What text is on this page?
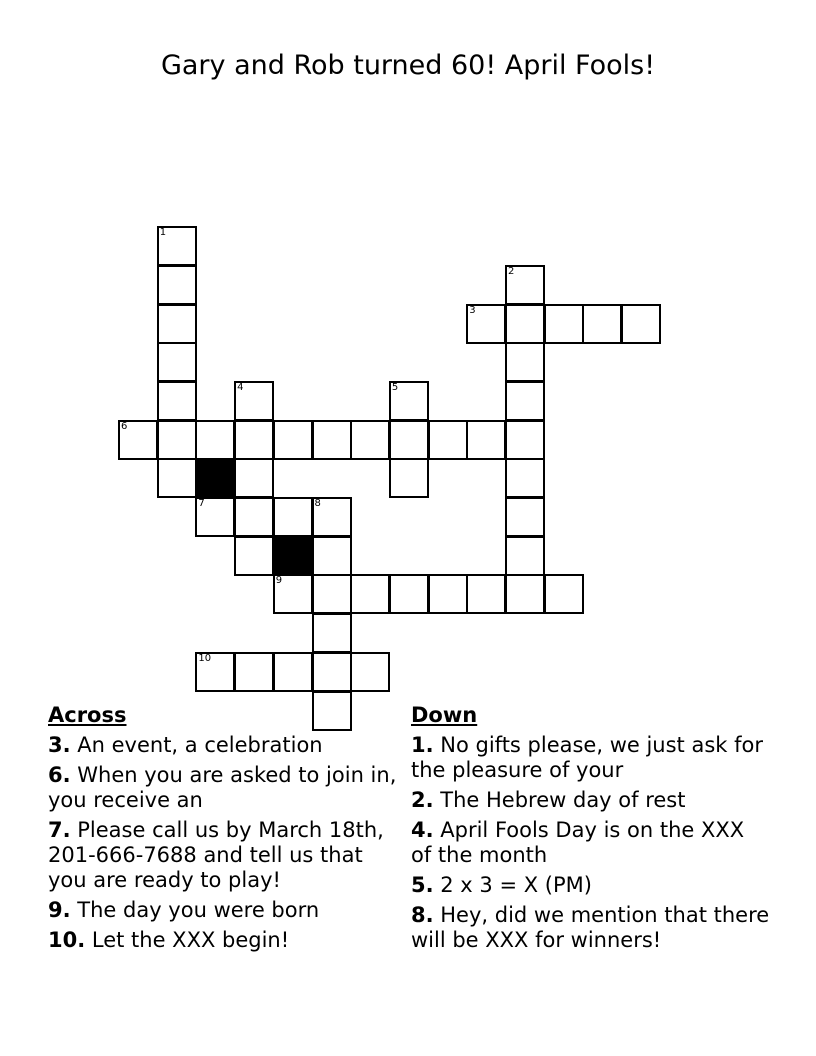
Gary and Rob turned 60! April Fools!
1
2
3
4	5
6
7	8
9
10
Across
3. An event, a celebration
6. When you are asked to join in, you receive an
7. Please call us by March 18th, 201-666-7688 and tell us that you are ready to play!
9. The day you were born
10. Let the XXX begin!
Down
1. No gifts please, we just ask for the pleasure of your
2. The Hebrew day of rest
4. April Fools Day is on the XXX of the month
5. 2 x 3 = X (PM)
8. Hey, did we mention that there will be XXX for winners!
